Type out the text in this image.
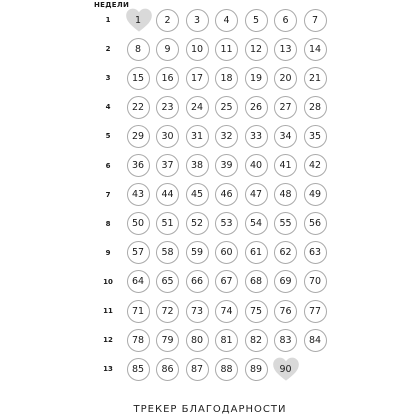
НЕДЕЛИ
1	1 2 3 4 5 6 7
2	8 9 10 11 12 13 14
3	15 16 17 18 19 20 21
4	22 23 24 25 26 27 28
5	29 30 31 32 33 34 35
6	36 37 38 39 40 41 42
7	43 44 45 46 47 48 49
8	50 51 52 53 54 55 56
9	57 58 59 60 61 62 63
10	64 65 66 67 68 69 70
11	71 72 73 74 75 76 77
12	78 79 80 81 82 83 84
13	85 86 87 88 89 90
ТРЕКЕР БЛАГОДАРНОСТИ
